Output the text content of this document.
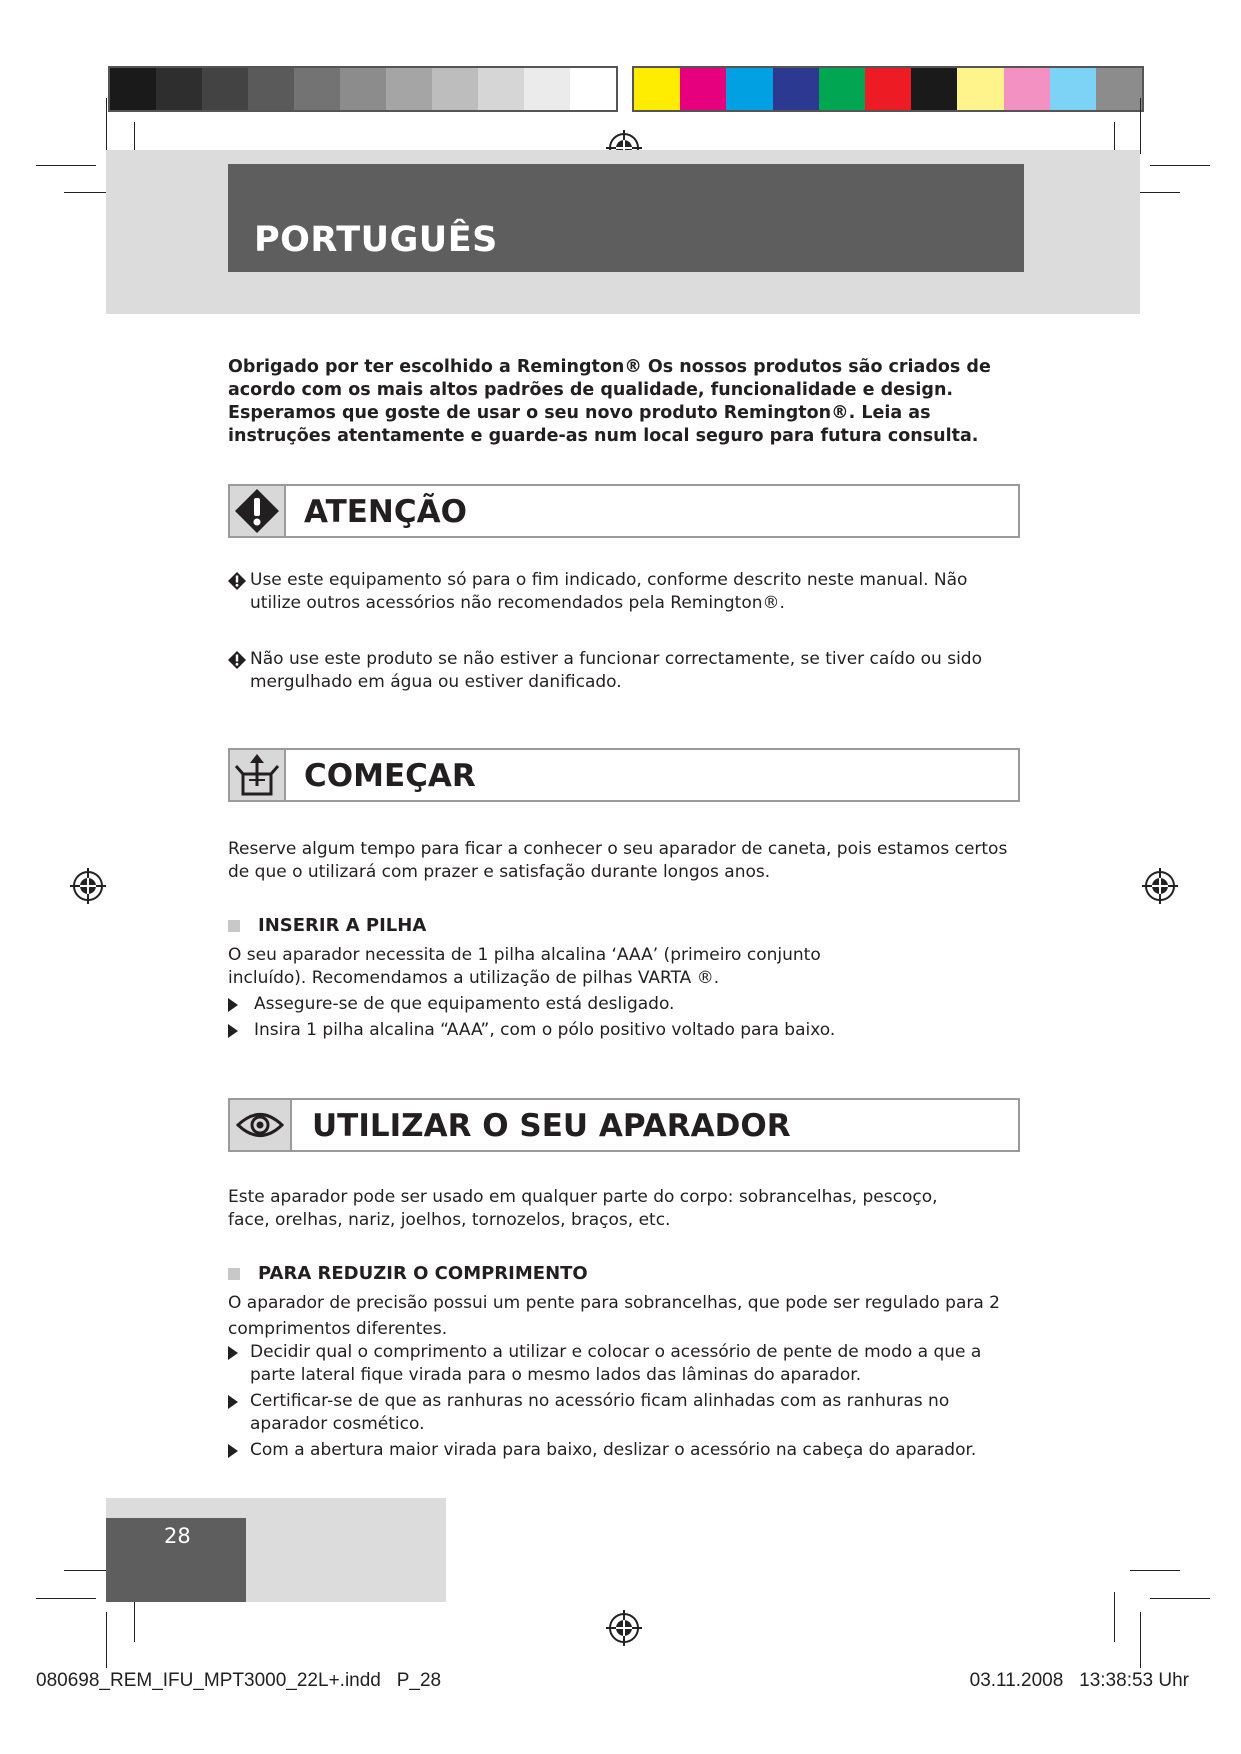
PORTUGUÊS
Obrigado por ter escolhido a Remington® Os nossos produtos são criados de acordo com os mais altos padrões de qualidade, funcionalidade e design. Esperamos que goste de usar o seu novo produto Remington®. Leia as instruções atentamente e guarde-as num local seguro para futura consulta.
ATENÇÃO
Use este equipamento só para o fim indicado, conforme descrito neste manual. Não utilize outros acessórios não recomendados pela Remington®.
Não use este produto se não estiver a funcionar correctamente, se tiver caído ou sido mergulhado em água ou estiver danificado.
COMEÇAR
Reserve algum tempo para ficar a conhecer o seu aparador de caneta, pois estamos certos de que o utilizará com prazer e satisfação durante longos anos.
INSERIR A PILHA
O seu aparador necessita de 1 pilha alcalina ‘AAA’ (primeiro conjunto incluído). Recomendamos a utilização de pilhas VARTA ®.
Assegure-se de que equipamento está desligado.
Insira 1 pilha alcalina “AAA”, com o pólo positivo voltado para baixo.
UTILIZAR O SEU APARADOR
Este aparador pode ser usado em qualquer parte do corpo: sobrancelhas, pescoço, face, orelhas, nariz, joelhos, tornozelos, braços, etc.
PARA REDUZIR O COMPRIMENTO
O aparador de precisão possui um pente para sobrancelhas, que pode ser regulado para 2 comprimentos diferentes.
Decidir qual o comprimento a utilizar e colocar o acessório de pente de modo a que a parte lateral fique virada para o mesmo lados das lâminas do aparador.
Certificar-se de que as ranhuras no acessório ficam alinhadas com as ranhuras no aparador cosmético.
Com a abertura maior virada para baixo, deslizar o acessório na cabeça do aparador.
28
080698_REM_IFU_MPT3000_22L+.indd   P_28	03.11.2008   13:38:53 Uhr
